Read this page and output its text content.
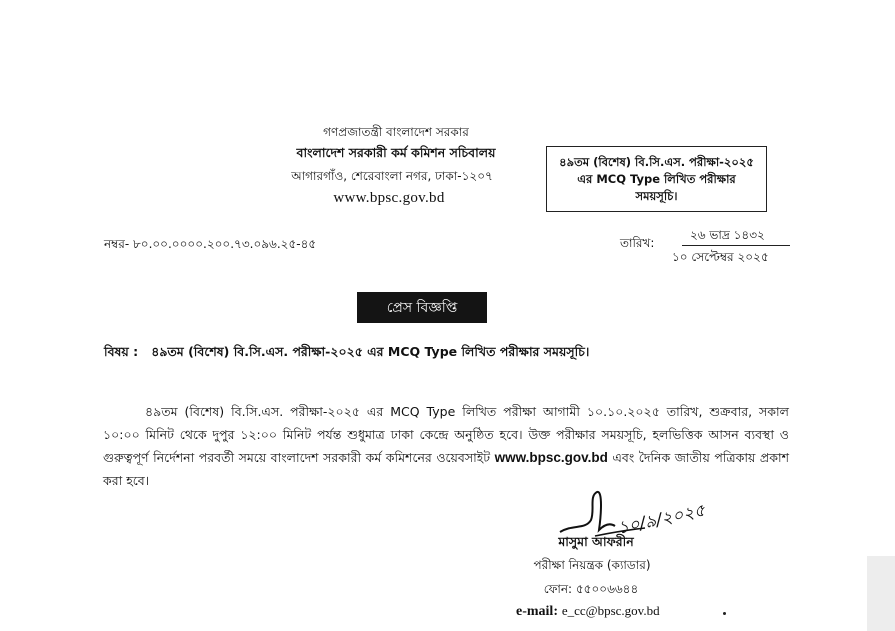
গণপ্রজাতন্ত্রী বাংলাদেশ সরকার
বাংলাদেশ সরকারী কর্ম কমিশন সচিবালয়
আগারগাঁও, শেরেবাংলা নগর, ঢাকা-১২০৭
www.bpsc.gov.bd
৪৯তম (বিশেষ) বি.সি.এস. পরীক্ষা-২০২৫
এর MCQ Type লিখিত পরীক্ষার
সময়সূচি।
নম্বর- ৮০.০০.০০০০.২০০.৭৩.০৯৬.২৫-৪৫	তারিখ:
২৬ ভাদ্র ১৪৩২
১০ সেপ্টেম্বর ২০২৫
প্রেস বিজ্ঞপ্তি
বিষয় : ৪৯তম (বিশেষ) বি.সি.এস. পরীক্ষা-২০২৫ এর MCQ Type লিখিত পরীক্ষার সময়সূচি।
৪৯তম (বিশেষ) বি.সি.এস. পরীক্ষা-২০২৫ এর MCQ Type লিখিত পরীক্ষা আগামী ১০.১০.২০২৫ তারিখ, শুক্রবার, সকাল ১০:০০ মিনিট থেকে দুপুর ১২:০০ মিনিট পর্যন্ত শুধুমাত্র ঢাকা কেন্দ্রে অনুষ্ঠিত হবে। উক্ত পরীক্ষার সময়সূচি, হলভিত্তিক আসন ব্যবস্থা ও গুরুত্বপূর্ণ নির্দেশনা পরবর্তী সময়ে বাংলাদেশ সরকারী কর্ম কমিশনের ওয়েবসাইট www.bpsc.gov.bd এবং দৈনিক জাতীয় পত্রিকায় প্রকাশ করা হবে।
১০/৯/২০২৫
মাসুমা আফরীন
পরীক্ষা নিয়ন্ত্রক (ক্যাডার)
ফোন: ৫৫০০৬৬৪৪
e-mail: e_cc@bpsc.gov.bd
